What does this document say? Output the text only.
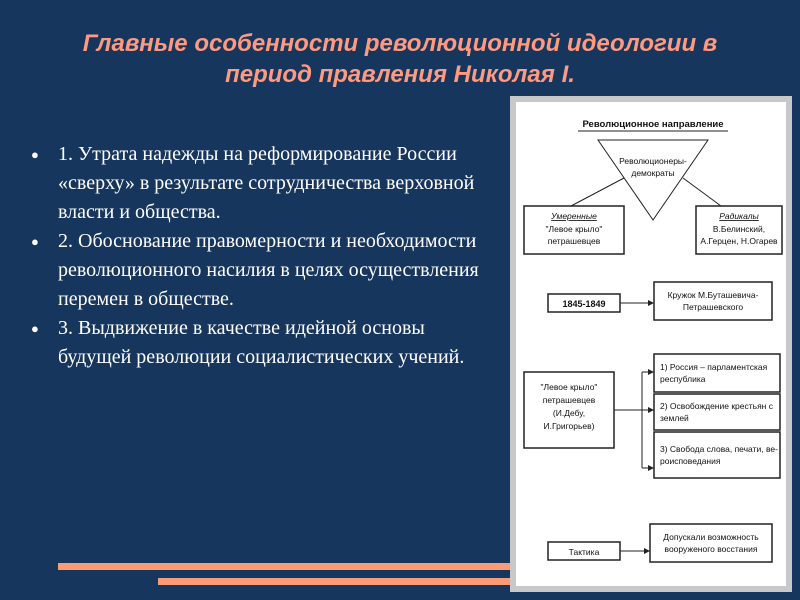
Главные особенности революционной идеологии в
период правления Николая I.
● 1. Утрата надежды на реформирование России «сверху» в результате сотрудничества верховной власти и общества.
● 2. Обоснование правомерности и необходимости революционного насилия в целях осуществления перемен в обществе.
● 3. Выдвижение в качестве идейной основы будущей революции социалистических учений.
Революционное направление
Революционеры-
демократы
Умеренные
"Левое крыло"
петрашевцев
Радикалы
В.Белинский,
А.Герцен, Н.Огарев
1845-1849
Кружок М.Буташевича-
Петрашевского
"Левое крыло"
петрашевцев
(И.Дебу,
И.Григорьев)
1) Россия – парламентская
республика
2) Освобождение крестьян с
землей
3) Свобода слова, печати, ве-
роисповедания
Тактика
Допускали возможность
вооруженого восстания
